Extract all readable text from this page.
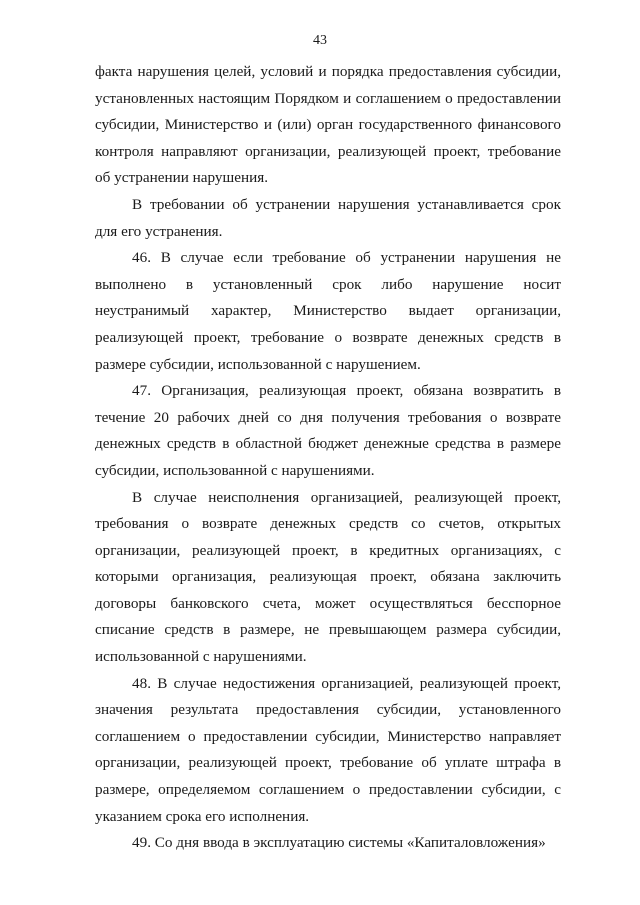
43

факта нарушения целей, условий и порядка предоставления субсидии, установленных настоящим Порядком и соглашением о предоставлении субсидии, Министерство и (или) орган государственного финансового контроля направляют организации, реализующей проект, требование об устранении нарушения.

В требовании об устранении нарушения устанавливается срок для его устранения.

46. В случае если требование об устранении нарушения не выполнено в установленный срок либо нарушение носит неустранимый характер, Министерство выдает организации, реализующей проект, требование о возврате денежных средств в размере субсидии, использованной с нарушением.

47. Организация, реализующая проект, обязана возвратить в течение 20 рабочих дней со дня получения требования о возврате денежных средств в областной бюджет денежные средства в размере субсидии, использованной с нарушениями.

В случае неисполнения организацией, реализующей проект, требования о возврате денежных средств со счетов, открытых организации, реализующей проект, в кредитных организациях, с которыми организация, реализующая проект, обязана заключить договоры банковского счета, может осуществляться бесспорное списание средств в размере, не превышающем размера субсидии, использованной с нарушениями.

48. В случае недостижения организацией, реализующей проект, значения результата предоставления субсидии, установленного соглашением о предоставлении субсидии, Министерство направляет организации, реализующей проект, требование об уплате штрафа в размере, определяемом соглашением о предоставлении субсидии, с указанием срока его исполнения.

49. Со дня ввода в эксплуатацию системы «Капиталовложения»
